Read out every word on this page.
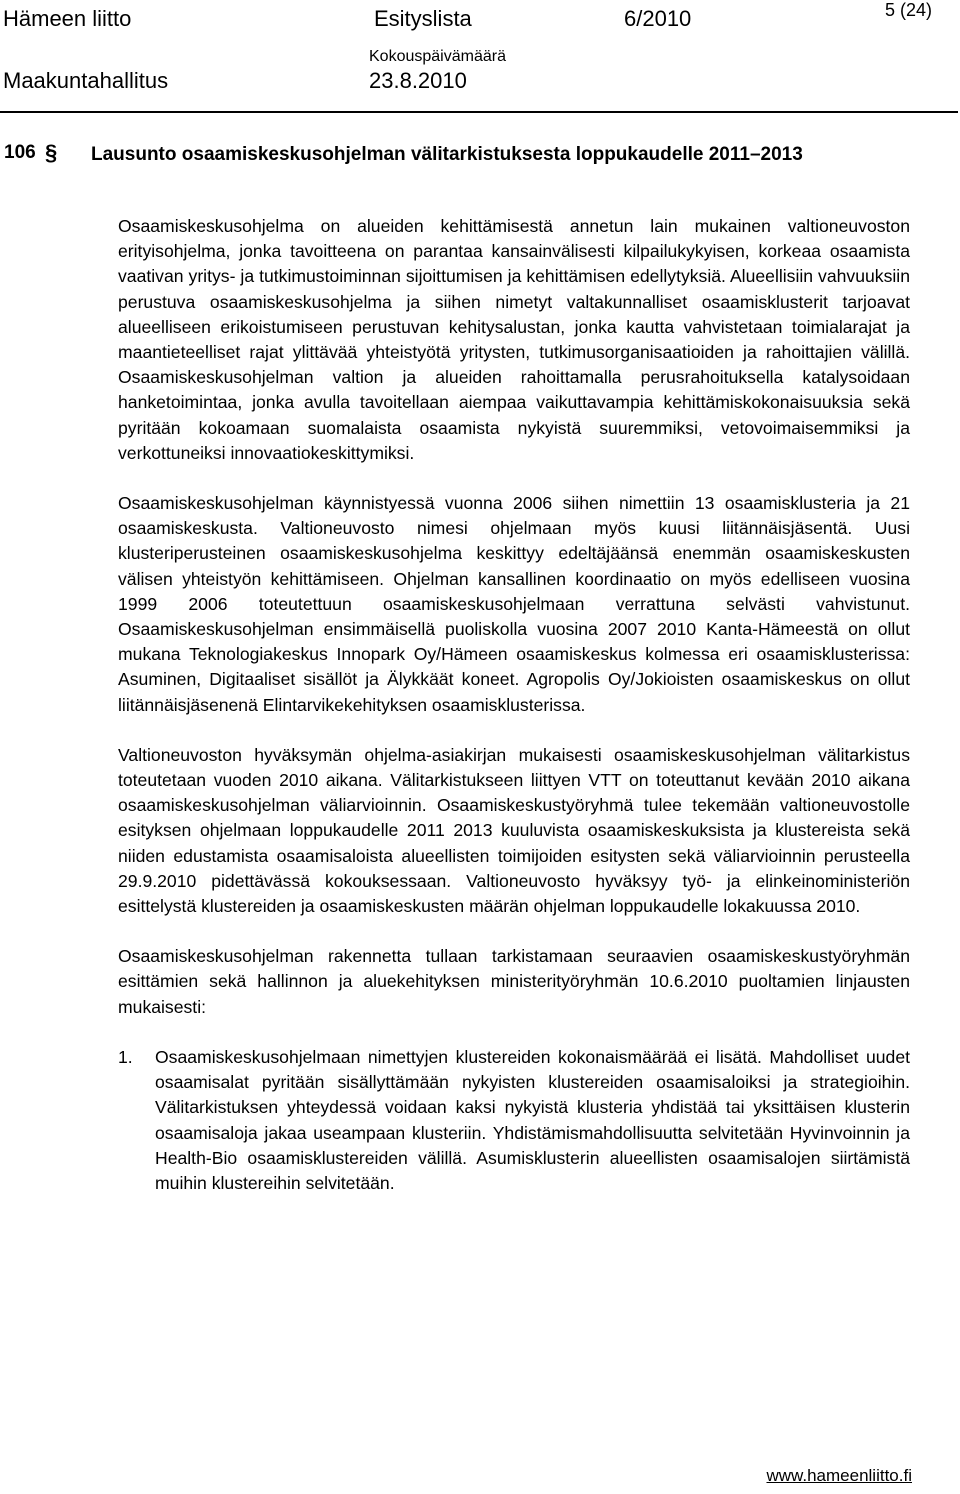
Hämeen liitto
Maakuntahallitus
Esityslista
Kokouspäivämäärä
23.8.2010
6/2010	5 (24)
106 § Lausunto osaamiskeskusohjelman välitarkistuksesta loppukaudelle 2011–2013

Osaamiskeskusohjelma on alueiden kehittämisestä annetun lain mukainen valtioneuvoston erityisohjelma, jonka tavoitteena on parantaa kansainvälisesti kilpailukykyisen, korkeaa osaamista vaativan yritys- ja tutkimustoiminnan sijoittumisen ja kehittämisen edellytyksiä. Alueellisiin vahvuuksiin perustuva osaamiskeskusohjelma ja siihen nimetyt valtakunnalliset osaamisklusterit tarjoavat alueelliseen erikoistumiseen perustuvan kehitysalustan, jonka kautta vahvistetaan toimialarajat ja maantieteelliset rajat ylittävää yhteistyötä yritysten, tutkimusorganisaatioiden ja rahoittajien välillä. Osaamiskeskusohjelman valtion ja alueiden rahoittamalla perusrahoituksella katalysoidaan hanketoimintaa, jonka avulla tavoitellaan aiempaa vaikuttavampia kehittämiskokonaisuuksia sekä pyritään kokoamaan suomalaista osaamista nykyistä suuremmiksi, vetovoimaisemmiksi ja verkottuneiksi innovaatiokeskittymiksi.

Osaamiskeskusohjelman käynnistyessä vuonna 2006 siihen nimettiin 13 osaamisklusteria ja 21 osaamiskeskusta. Valtioneuvosto nimesi ohjelmaan myös kuusi liitännäisjäsentä. Uusi klusteriperusteinen osaamiskeskusohjelma keskittyy edeltäjäänsä enemmän osaamiskeskusten välisen yhteistyön kehittämiseen. Ohjelman kansallinen koordinaatio on myös edelliseen vuosina 1999 2006 toteutettuun osaamiskeskusohjelmaan verrattuna selvästi vahvistunut. Osaamiskeskusohjelman ensimmäisellä puoliskolla vuosina 2007 2010 Kanta-Hämeestä on ollut mukana Teknologiakeskus Innopark Oy/Hämeen osaamiskeskus kolmessa eri osaamisklusterissa: Asuminen, Digitaaliset sisällöt ja Älykkäät koneet. Agropolis Oy/Jokioisten osaamiskeskus on ollut liitännäisjäsenenä Elintarvikekehityksen osaamisklusterissa.

Valtioneuvoston hyväksymän ohjelma-asiakirjan mukaisesti osaamiskeskusohjelman välitarkistus toteutetaan vuoden 2010 aikana. Välitarkistukseen liittyen VTT on toteuttanut kevään 2010 aikana osaamiskeskusohjelman väliarvioinnin. Osaamiskeskustyöryhmä tulee tekemään valtioneuvostolle esityksen ohjelmaan loppukaudelle 2011 2013 kuuluvista osaamiskeskuksista ja klustereista sekä niiden edustamista osaamisaloista alueellisten toimijoiden esitysten sekä väliarvioinnin perusteella 29.9.2010 pidettävässä kokouksessaan. Valtioneuvosto hyväksyy työ- ja elinkeinoministeriön esittelystä klustereiden ja osaamiskeskusten määrän ohjelman loppukaudelle lokakuussa 2010.

Osaamiskeskusohjelman rakennetta tullaan tarkistamaan seuraavien osaamiskeskustyöryhmän esittämien sekä hallinnon ja aluekehityksen ministerityöryhmän 10.6.2010 puoltamien linjausten mukaisesti:

1. Osaamiskeskusohjelmaan nimettyjen klustereiden kokonaismäärää ei lisätä. Mahdolliset uudet osaamisalat pyritään sisällyttämään nykyisten klustereiden osaamisaloiksi ja strategioihin. Välitarkistuksen yhteydessä voidaan kaksi nykyistä klusteria yhdistää tai yksittäisen klusterin osaamisaloja jakaa useampaan klusteriin. Yhdistämismahdollisuutta selvitetään Hyvinvoinnin ja Health-Bio osaamisklustereiden välillä. Asumisklusterin alueellisten osaamisalojen siirtämistä muihin klustereihin selvitetään.
www.hameenliitto.fi
